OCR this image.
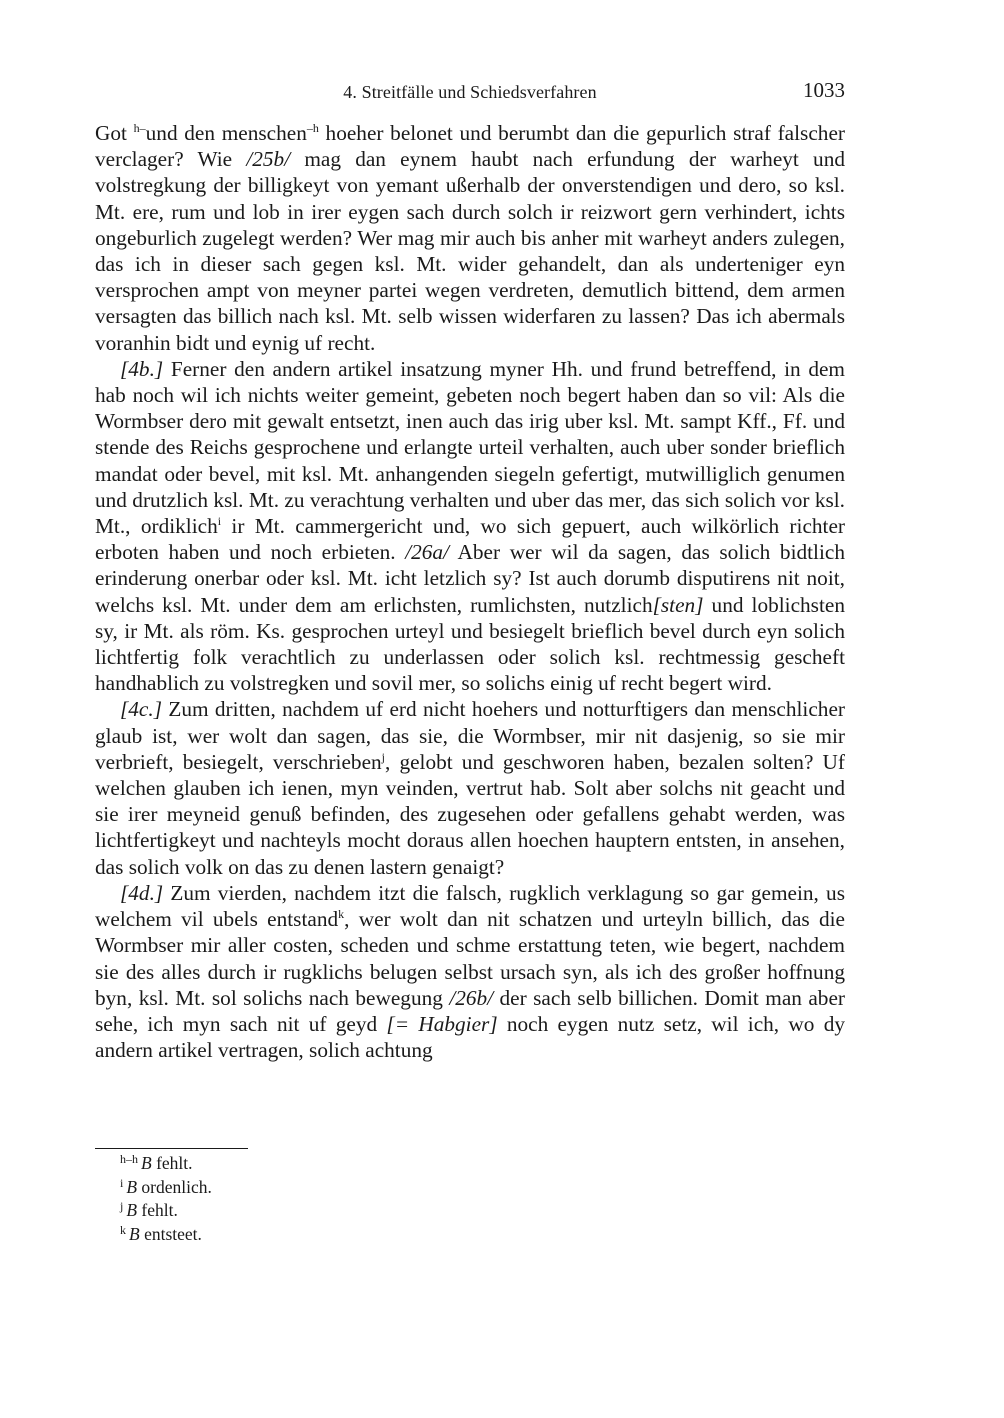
4. Streitfälle und Schiedsverfahren	1033

Got $^{h-}$und den menschen$^{-h}$ hoeher belonet und berumbt dan die gepurlich straf falscher verclager? Wie /25b/ mag dan eynem haubt nach erfundung der warheyt und volstregkung der billigkeyt von yemant ußerhalb der onverstendigen und dero, so ksl. Mt. ere, rum und lob in irer eygen sach durch solch ir reizwort gern verhindert, ichts ongeburlich zugelegt werden? Wer mag mir auch bis anher mit warheyt anders zulegen, das ich in dieser sach gegen ksl. Mt. wider gehandelt, dan als underteniger eyn versprochen ampt von meyner partei wegen verdreten, demutlich bittend, dem armen versagten das billich nach ksl. Mt. selb wissen widerfaren zu lassen? Das ich abermals voranhin bidt und eynig uf recht.

[4b.] Ferner den andern artikel insatzung myner Hh. und frund betreffend, in dem hab noch wil ich nichts weiter gemeint, gebeten noch begert haben dan so vil: Als die Wormbser dero mit gewalt entsetzt, inen auch das irig uber ksl. Mt. sampt Kff., Ff. und stende des Reichs gesprochene und erlangte urteil verhalten, auch uber sonder brieflich mandat oder bevel, mit ksl. Mt. anhangenden siegeln gefertigt, mutwilliglich genumen und drutzlich ksl. Mt. zu verachtung verhalten und uber das mer, das sich solich vor ksl. Mt., ordiklich$^i$ ir Mt. cammergericht und, wo sich gepuert, auch wilkörlich richter erboten haben und noch erbieten. /26a/ Aber wer wil da sagen, das solich bidtlich erinderung onerbar oder ksl. Mt. icht letzlich sy? Ist auch dorumb disputirens nit noit, welchs ksl. Mt. under dem am erlichsten, rumlichsten, nutzlich[sten] und loblichsten sy, ir Mt. als röm. Ks. gesprochen urteyl und besiegelt brieflich bevel durch eyn solich lichtfertig folk verachtlich zu underlassen oder solich ksl. rechtmessig gescheft handhablich zu volstregken und sovil mer, so solichs einig uf recht begert wird.

[4c.] Zum dritten, nachdem uf erd nicht hoehers und notturftigers dan menschlicher glaub ist, wer wolt dan sagen, das sie, die Wormbser, mir nit dasjenig, so sie mir verbrieft, besiegelt, verschrieben$^j$, gelobt und geschworen haben, bezalen solten? Uf welchen glauben ich ienen, myn veinden, vertrut hab. Solt aber solchs nit geacht und sie irer meyneid genuß befinden, des zugesehen oder gefallens gehabt werden, was lichtfertigkeyt und nachteyls mocht doraus allen hoechen hauptern entsten, in ansehen, das solich volk on das zu denen lastern genaigt?

[4d.] Zum vierden, nachdem itzt die falsch, rugklich verklagung so gar gemein, us welchem vil ubels entstand$^k$, wer wolt dan nit schatzen und urteyln billich, das die Wormbser mir aller costen, scheden und schme erstattung teten, wie begert, nachdem sie des alles durch ir rugklichs belugen selbst ursach syn, als ich des großer hoffnung byn, ksl. Mt. sol solichs nach bewegung /26b/ der sach selb billichen. Domit man aber sehe, ich myn sach nit uf geyd [= Habgier] noch eygen nutz setz, wil ich, wo dy andern artikel vertragen, solich achtung

$^{h-h}$ B fehlt.
$^i$ B ordenlich.
$^j$ B fehlt.
$^k$ B entsteet.
